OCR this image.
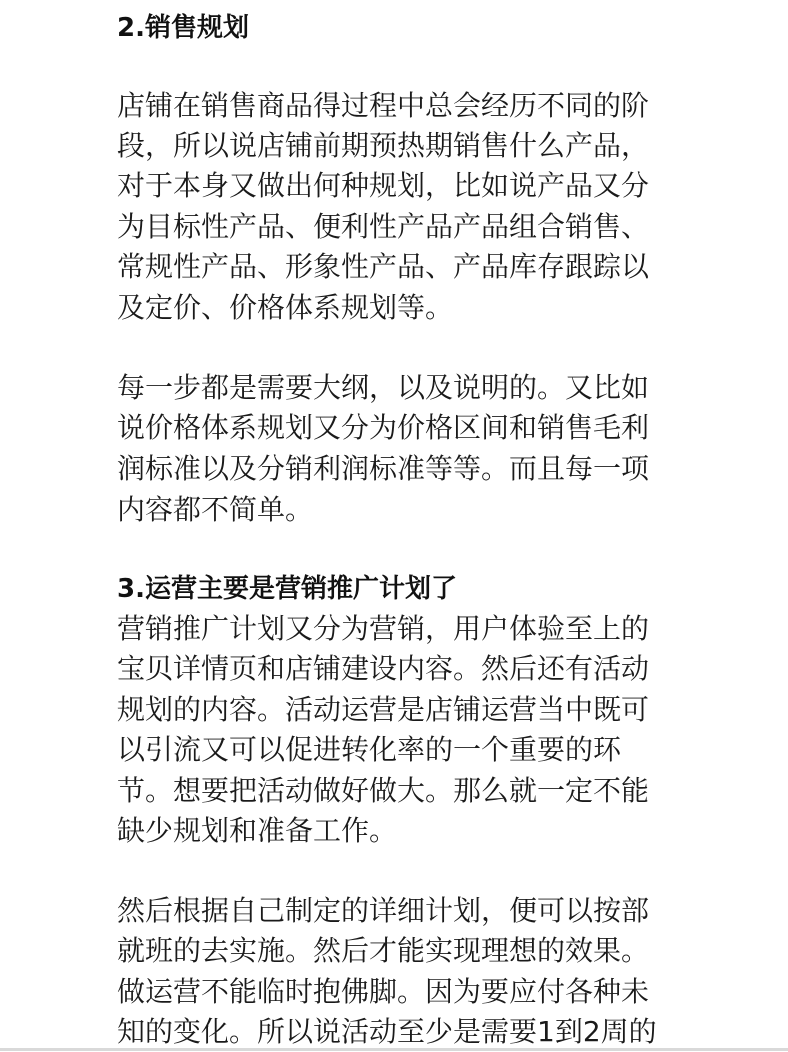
2.销售规划
店铺在销售商品得过程中总会经历不同的阶
段，所以说店铺前期预热期销售什么产品，
对于本身又做出何种规划，比如说产品又分
为目标性产品、便利性产品产品组合销售、
常规性产品、形象性产品、产品库存跟踪以
及定价、价格体系规划等。
每一步都是需要大纲，以及说明的。又比如
说价格体系规划又分为价格区间和销售毛利
润标准以及分销利润标准等等。而且每一项
内容都不简单。
3.运营主要是营销推广计划了
营销推广计划又分为营销，用户体验至上的
宝贝详情页和店铺建设内容。然后还有活动
规划的内容。活动运营是店铺运营当中既可
以引流又可以促进转化率的一个重要的环
节。想要把活动做好做大。那么就一定不能
缺少规划和准备工作。
然后根据自己制定的详细计划，便可以按部
就班的去实施。然后才能实现理想的效果。
做运营不能临时抱佛脚。因为要应付各种未
知的变化。所以说活动至少是需要1到2周的
